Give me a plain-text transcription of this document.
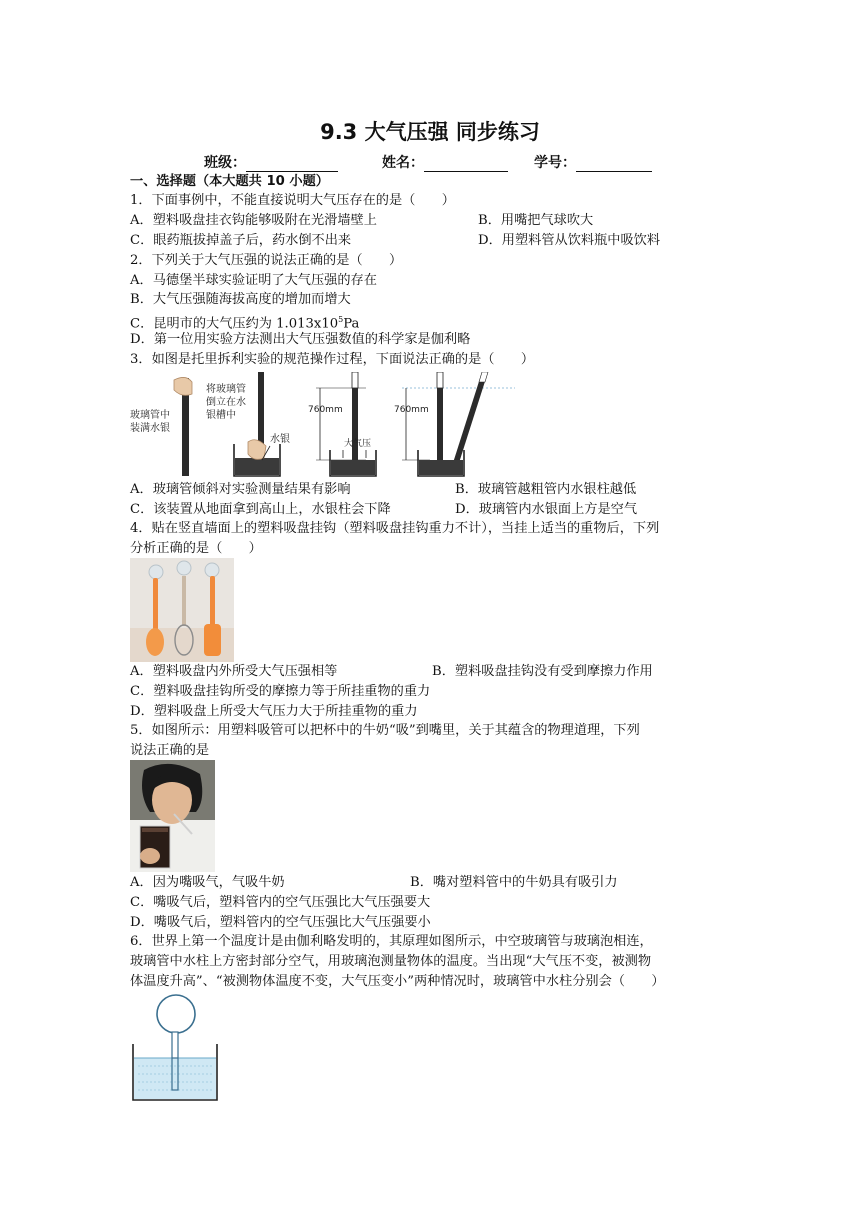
9.3 大气压强 同步练习
班级：	姓名：	学号：
一、选择题（本大题共 10 小题）
1．下面事例中，不能直接说明大气压存在的是（　　）
A．塑料吸盘挂衣钩能够吸附在光滑墙壁上	B．用嘴把气球吹大
C．眼药瓶拔掉盖子后，药水倒不出来	D．用塑料管从饮料瓶中吸饮料
2．下列关于大气压强的说法正确的是（　　）
A．马德堡半球实验证明了大气压强的存在
B．大气压强随海拔高度的增加而增大
C．昆明市的大气压约为 $1.013x10^5Pa$
D．第一位用实验方法测出大气压强数值的科学家是伽利略
3．如图是托里拆利实验的规范操作过程，下面说法正确的是（　　）
玻璃管中
装满水银
将玻璃管
倒立在水
银槽中
水银
760mm
大气压
760mm
A．玻璃管倾斜对实验测量结果有影响	B．玻璃管越粗管内水银柱越低
C．该装置从地面拿到高山上，水银柱会下降	D．玻璃管内水银面上方是空气
4．贴在竖直墙面上的塑料吸盘挂钩（塑料吸盘挂钩重力不计），当挂上适当的重物后，下列
分析正确的是（　　）
A．塑料吸盘内外所受大气压强相等	B．塑料吸盘挂钩没有受到摩擦力作用
C．塑料吸盘挂钩所受的摩擦力等于所挂重物的重力
D．塑料吸盘上所受大气压力大于所挂重物的重力
5．如图所示：用塑料吸管可以把杯中的牛奶“吸”到嘴里，关于其蕴含的物理道理，下列
说法正确的是
A．因为嘴吸气，气吸牛奶	B．嘴对塑料管中的牛奶具有吸引力
C．嘴吸气后，塑料管内的空气压强比大气压强要大
D．嘴吸气后，塑料管内的空气压强比大气压强要小
6．世界上第一个温度计是由伽利略发明的，其原理如图所示，中空玻璃管与玻璃泡相连，
玻璃管中水柱上方密封部分空气，用玻璃泡测量物体的温度。当出现“大气压不变，被测物
体温度升高”、“被测物体温度不变，大气压变小”两种情况时，玻璃管中水柱分别会（　　）
